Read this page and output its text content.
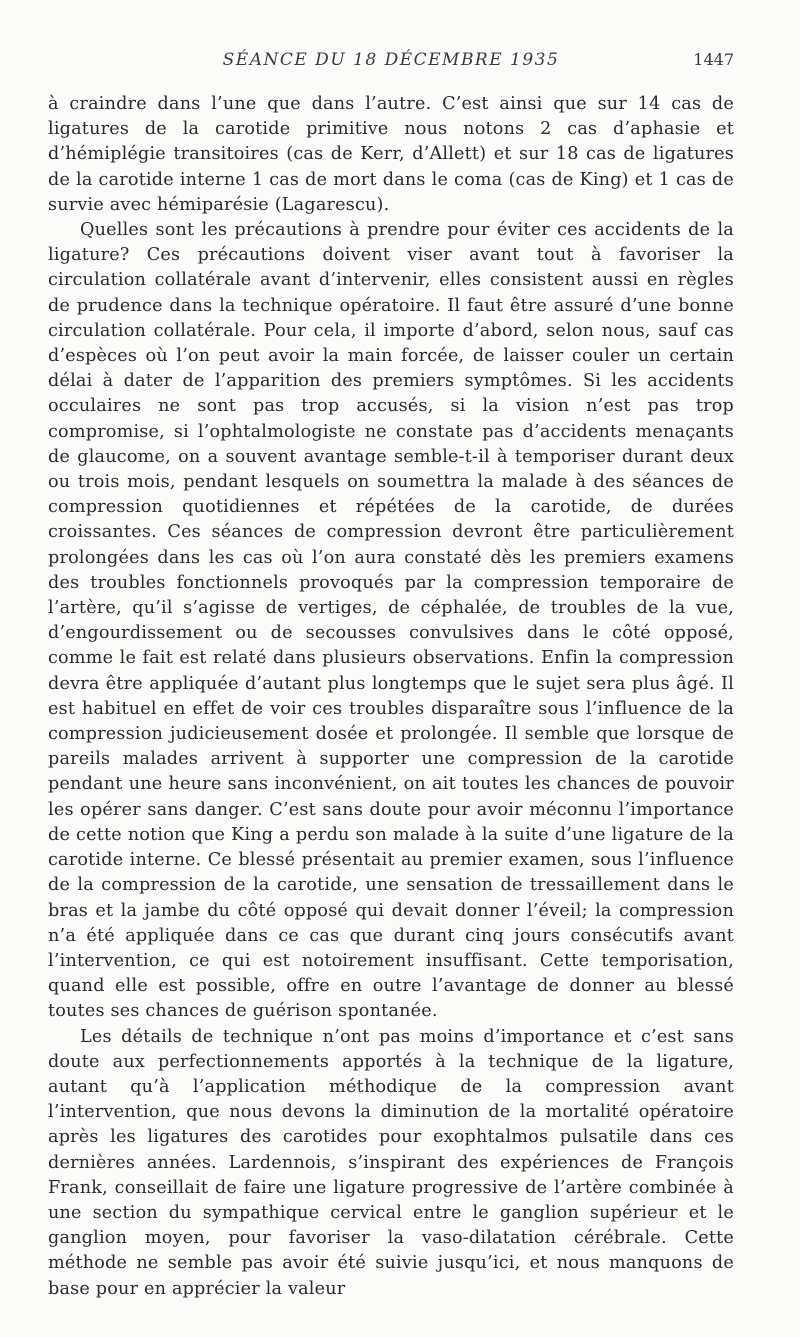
SÉANCE DU 18 DÉCEMBRE 1935	1447

à craindre dans l’une que dans l’autre. C’est ainsi que sur 14 cas de ligatures de la carotide primitive nous notons 2 cas d’aphasie et d’hémiplégie transitoires (cas de Kerr, d’Allett) et sur 18 cas de ligatures de la carotide interne 1 cas de mort dans le coma (cas de King) et 1 cas de survie avec hémiparésie (Lagarescu).

Quelles sont les précautions à prendre pour éviter ces accidents de la ligature? Ces précautions doivent viser avant tout à favoriser la circulation collatérale avant d’intervenir, elles consistent aussi en règles de prudence dans la technique opératoire. Il faut être assuré d’une bonne circulation collatérale. Pour cela, il importe d’abord, selon nous, sauf cas d’espèces où l’on peut avoir la main forcée, de laisser couler un certain délai à dater de l’apparition des premiers symptômes. Si les accidents occulaires ne sont pas trop accusés, si la vision n’est pas trop compromise, si l’ophtalmologiste ne constate pas d’accidents menaçants de glaucome, on a souvent avantage semble-t-il à temporiser durant deux ou trois mois, pendant lesquels on soumettra la malade à des séances de compression quotidiennes et répétées de la carotide, de durées croissantes. Ces séances de compression devront être particulièrement prolongées dans les cas où l’on aura constaté dès les premiers examens des troubles fonctionnels provoqués par la compression temporaire de l’artère, qu’il s’agisse de vertiges, de céphalée, de troubles de la vue, d’engourdissement ou de secousses convulsives dans le côté opposé, comme le fait est relaté dans plusieurs observations. Enfin la compression devra être appliquée d’autant plus longtemps que le sujet sera plus âgé. Il est habituel en effet de voir ces troubles disparaître sous l’influence de la compression judicieusement dosée et prolongée. Il semble que lorsque de pareils malades arrivent à supporter une compression de la carotide pendant une heure sans inconvénient, on ait toutes les chances de pouvoir les opérer sans danger. C’est sans doute pour avoir méconnu l’importance de cette notion que King a perdu son malade à la suite d’une ligature de la carotide interne. Ce blessé présentait au premier examen, sous l’influence de la compression de la carotide, une sensation de tressaillement dans le bras et la jambe du côté opposé qui devait donner l’éveil; la compression n’a été appliquée dans ce cas que durant cinq jours consécutifs avant l’intervention, ce qui est notoirement insuffisant. Cette temporisation, quand elle est possible, offre en outre l’avantage de donner au blessé toutes ses chances de guérison spontanée.

Les détails de technique n’ont pas moins d’importance et c’est sans doute aux perfectionnements apportés à la technique de la ligature, autant qu’à l’application méthodique de la compression avant l’intervention, que nous devons la diminution de la mortalité opératoire après les ligatures des carotides pour exophtalmos pulsatile dans ces dernières années. Lardennois, s’inspirant des expériences de François Frank, conseillait de faire une ligature progressive de l’artère combinée à une section du sympathique cervical entre le ganglion supérieur et le ganglion moyen, pour favoriser la vaso-dilatation cérébrale. Cette méthode ne semble pas avoir été suivie jusqu’ici, et nous manquons de base pour en apprécier la valeur
